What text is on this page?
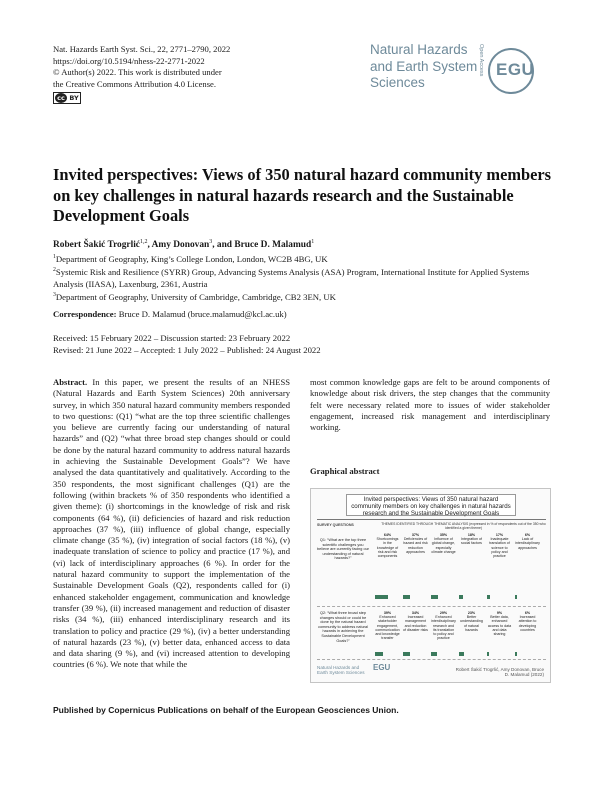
Nat. Hazards Earth Syst. Sci., 22, 2771–2790, 2022
https://doi.org/10.5194/nhess-22-2771-2022
© Author(s) 2022. This work is distributed under
the Creative Commons Attribution 4.0 License.
cc BY
Natural Hazards
and Earth System
Sciences
Open Access EGU
Invited perspectives: Views of 350 natural hazard community members on key challenges in natural hazards research and the Sustainable Development Goals
Robert Šakić Trogrlić$^{1,2}$, Amy Donovan$^3$, and Bruce D. Malamud$^1$
$^1$Department of Geography, King’s College London, London, WC2B 4BG, UK
$^2$Systemic Risk and Resilience (SYRR) Group, Advancing Systems Analysis (ASA) Program, International Institute for Applied Systems Analysis (IIASA), Laxenburg, 2361, Austria
$^3$Department of Geography, University of Cambridge, Cambridge, CB2 3EN, UK
Correspondence: Bruce D. Malamud (bruce.malamud@kcl.ac.uk)
Received: 15 February 2022 – Discussion started: 23 February 2022
Revised: 21 June 2022 – Accepted: 1 July 2022 – Published: 24 August 2022
Abstract. In this paper, we present the results of an NHESS (Natural Hazards and Earth System Sciences) 20th anniversary survey, in which 350 natural hazard community members responded to two questions: (Q1) “what are the top three scientific challenges you believe are currently facing our understanding of natural hazards” and (Q2) “what three broad step changes should or could be done by the natural hazard community to address natural hazards in achieving the Sustainable Development Goals”? We have analysed the data quantitatively and qualitatively. According to the 350 respondents, the most significant challenges (Q1) are the following (within brackets % of 350 respondents who identified a given theme): (i) shortcomings in the knowledge of risk and risk components (64 %), (ii) deficiencies of hazard and risk reduction approaches (37 %), (iii) influence of global change, especially climate change (35 %), (iv) integration of social factors (18 %), (v) inadequate translation of science to policy and practice (17 %), and (vi) lack of interdisciplinary approaches (6 %). In order for the natural hazard community to support the implementation of the Sustainable Development Goals (Q2), respondents called for (i) enhanced stakeholder engagement, communication and knowledge transfer (39 %), (ii) increased management and reduction of disaster risks (34 %), (iii) enhanced interdisciplinary research and its translation to policy and practice (29 %), (iv) a better understanding of natural hazards (23 %), (v) better data, enhanced access to data and data sharing (9 %), and (vi) increased attention to developing countries (6 %). We note that while the
most common knowledge gaps are felt to be around components of knowledge about risk drivers, the step changes that the community felt were necessary related more to issues of wider stakeholder engagement, increased risk management and interdisciplinary working.
Graphical abstract
Invited perspectives: Views of 350 natural hazard community members on key challenges in natural hazards research and the Sustainable Development Goals
SURVEY QUESTIONS	THEMES IDENTIFIED THROUGH THEMATIC ANALYSIS (expressed in % of respondents out of the 350 who identified a given theme)
Q1: “What are the top three scientific challenges you believe are currently facing our understanding of natural hazards?”
Q2: “What three broad step changes should or could be done by the natural hazard community to address natural hazards in achieving the Sustainable Development Goals?”
Natural Hazards and Earth System Sciences
EGU	Robert Šakić Trogrlić, Amy Donovan, Bruce D. Malamud (2022)
64%
Shortcomings in the knowledge of risk and risk components
37%
Deficiencies of hazard and risk reduction approaches
35%
Influence of global change, especially climate change
18%
Integration of social factors
17%
Inadequate translation of science to policy and practice
6%
Lack of interdisciplinary approaches
39%
Enhanced stakeholder engagement, communication and knowledge transfer
34%
Increased management and reduction of disaster risks
29%
Enhanced interdisciplinary research and its translation to policy and practice
23%
Better understanding of natural hazards
9%
Better data, enhanced access to data and data sharing
6%
Increased attention to developing countries
Published by Copernicus Publications on behalf of the European Geosciences Union.
